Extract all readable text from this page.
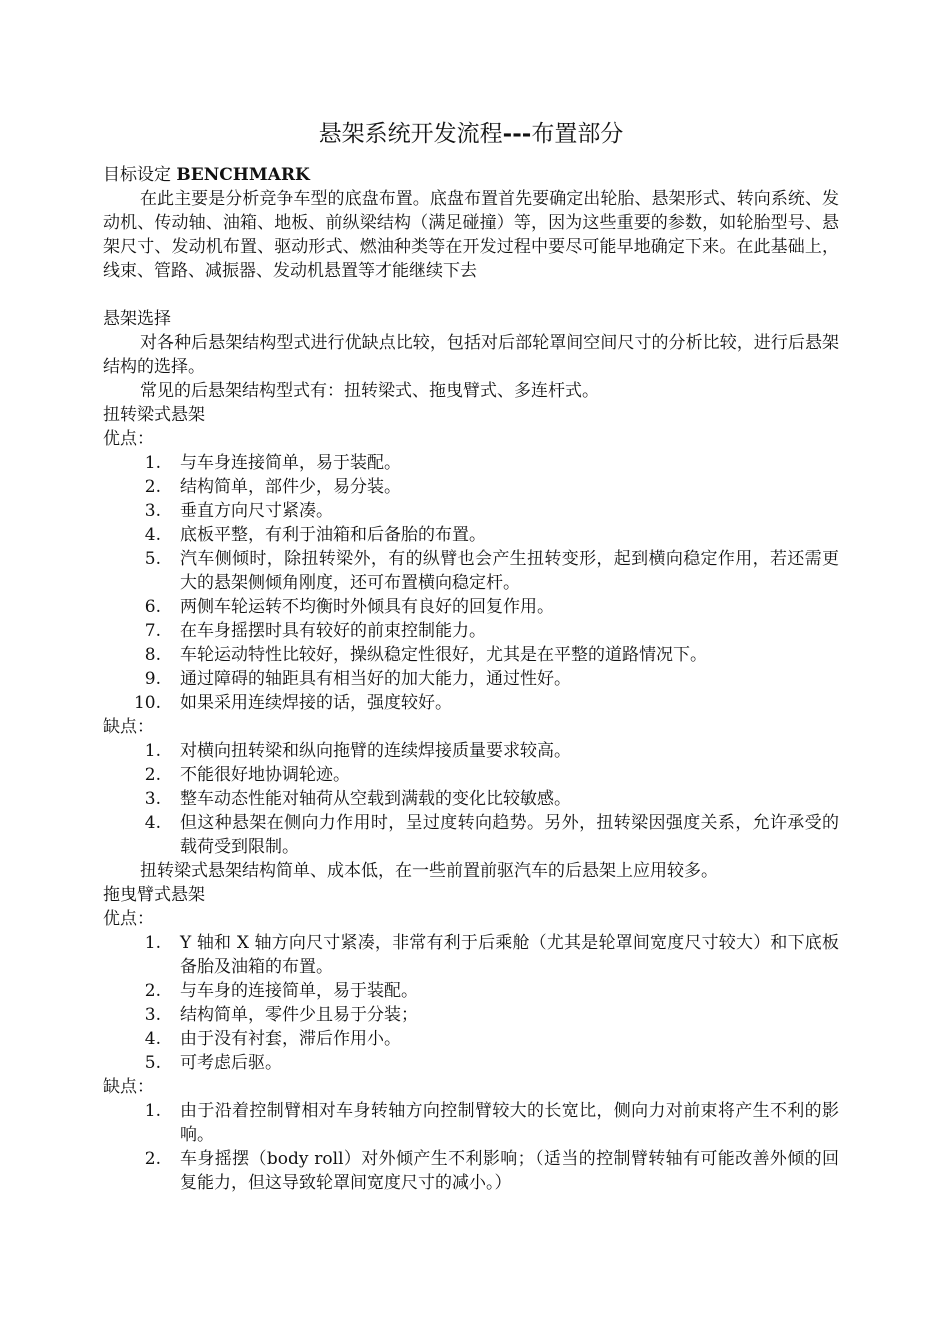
悬架系统开发流程---布置部分
目标设定 BENCHMARK

在此主要是分析竞争车型的底盘布置。底盘布置首先要确定出轮胎、悬架形式、转向系统、发动机、传动轴、油箱、地板、前纵梁结构（满足碰撞）等，因为这些重要的参数，如轮胎型号、悬架尺寸、发动机布置、驱动形式、燃油种类等在开发过程中要尽可能早地确定下来。在此基础上，线束、管路、减振器、发动机悬置等才能继续下去

悬架选择

对各种后悬架结构型式进行优缺点比较，包括对后部轮罩间空间尺寸的分析比较，进行后悬架结构的选择。

常见的后悬架结构型式有：扭转梁式、拖曳臂式、多连杆式。

扭转梁式悬架
优点：
1. 与车身连接简单，易于装配。
2. 结构简单，部件少，易分装。
3. 垂直方向尺寸紧凑。
4. 底板平整，有利于油箱和后备胎的布置。
5. 汽车侧倾时，除扭转梁外，有的纵臂也会产生扭转变形，起到横向稳定作用，若还需更大的悬架侧倾角刚度，还可布置横向稳定杆。
6. 两侧车轮运转不均衡时外倾具有良好的回复作用。
7. 在车身摇摆时具有较好的前束控制能力。
8. 车轮运动特性比较好，操纵稳定性很好，尤其是在平整的道路情况下。
9. 通过障碍的轴距具有相当好的加大能力，通过性好。
10. 如果采用连续焊接的话，强度较好。
缺点：
1. 对横向扭转梁和纵向拖臂的连续焊接质量要求较高。
2. 不能很好地协调轮迹。
3. 整车动态性能对轴荷从空载到满载的变化比较敏感。
4. 但这种悬架在侧向力作用时，呈过度转向趋势。另外，扭转梁因强度关系，允许承受的载荷受到限制。

扭转梁式悬架结构简单、成本低，在一些前置前驱汽车的后悬架上应用较多。

拖曳臂式悬架
优点：
1. Y 轴和 X 轴方向尺寸紧凑，非常有利于后乘舱（尤其是轮罩间宽度尺寸较大）和下底板备胎及油箱的布置。
2. 与车身的连接简单，易于装配。
3. 结构简单，零件少且易于分装；
4. 由于没有衬套，滞后作用小。
5. 可考虑后驱。
缺点：
1. 由于沿着控制臂相对车身转轴方向控制臂较大的长宽比，侧向力对前束将产生不利的影响。
2. 车身摇摆（body roll）对外倾产生不利影响；（适当的控制臂转轴有可能改善外倾的回复能力，但这导致轮罩间宽度尺寸的减小。）
